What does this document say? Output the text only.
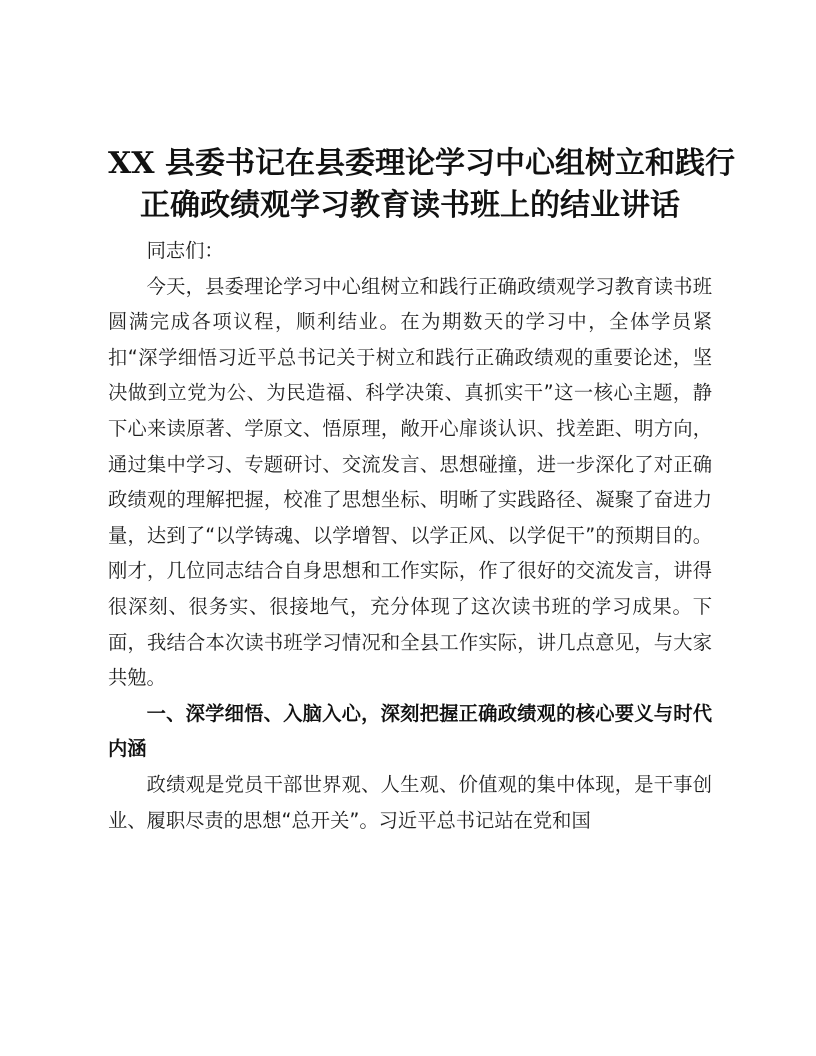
XX 县委书记在县委理论学习中心组树立和践行
正确政绩观学习教育读书班上的结业讲话

同志们：

今天，县委理论学习中心组树立和践行正确政绩观学习教育读书班圆满完成各项议程，顺利结业。在为期数天的学习中，全体学员紧扣“深学细悟习近平总书记关于树立和践行正确政绩观的重要论述，坚决做到立党为公、为民造福、科学决策、真抓实干”这一核心主题，静下心来读原著、学原文、悟原理，敞开心扉谈认识、找差距、明方向，通过集中学习、专题研讨、交流发言、思想碰撞，进一步深化了对正确政绩观的理解把握，校准了思想坐标、明晰了实践路径、凝聚了奋进力量，达到了“以学铸魂、以学增智、以学正风、以学促干”的预期目的。刚才，几位同志结合自身思想和工作实际，作了很好的交流发言，讲得很深刻、很务实、很接地气，充分体现了这次读书班的学习成果。下面，我结合本次读书班学习情况和全县工作实际，讲几点意见，与大家共勉。

一、深学细悟、入脑入心，深刻把握正确政绩观的核心要义与时代内涵

政绩观是党员干部世界观、人生观、价值观的集中体现，是干事创业、履职尽责的思想“总开关”。习近平总书记站在党和国
